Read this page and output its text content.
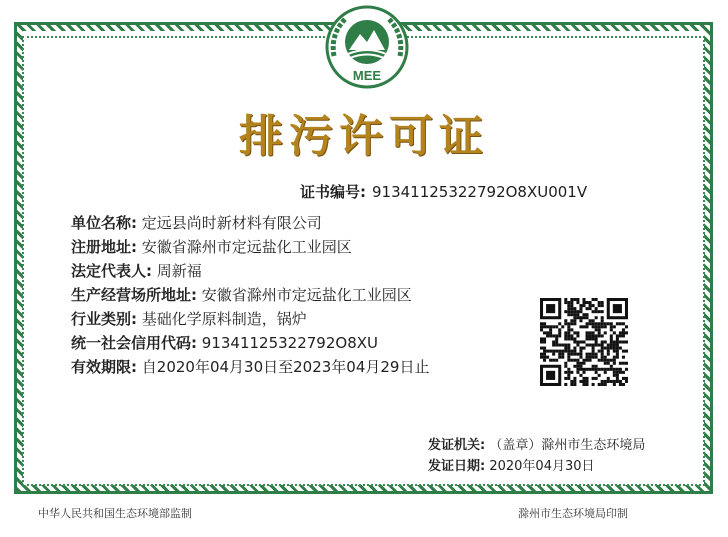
MEE
排污许可证
证书编号: 91341125322792O8XU001V
单位名称: 定远县尚时新材料有限公司
注册地址: 安徽省滁州市定远盐化工业园区
法定代表人: 周新福
生产经营场所地址: 安徽省滁州市定远盐化工业园区
行业类别: 基础化学原料制造，锅炉
统一社会信用代码: 91341125322792O8XU
有效期限: 自2020年04月30日至2023年04月29日止
发证机关: （盖章）滁州市生态环境局
发证日期: 2020年04月30日
中华人民共和国生态环境部监制	滁州市生态环境局印制
